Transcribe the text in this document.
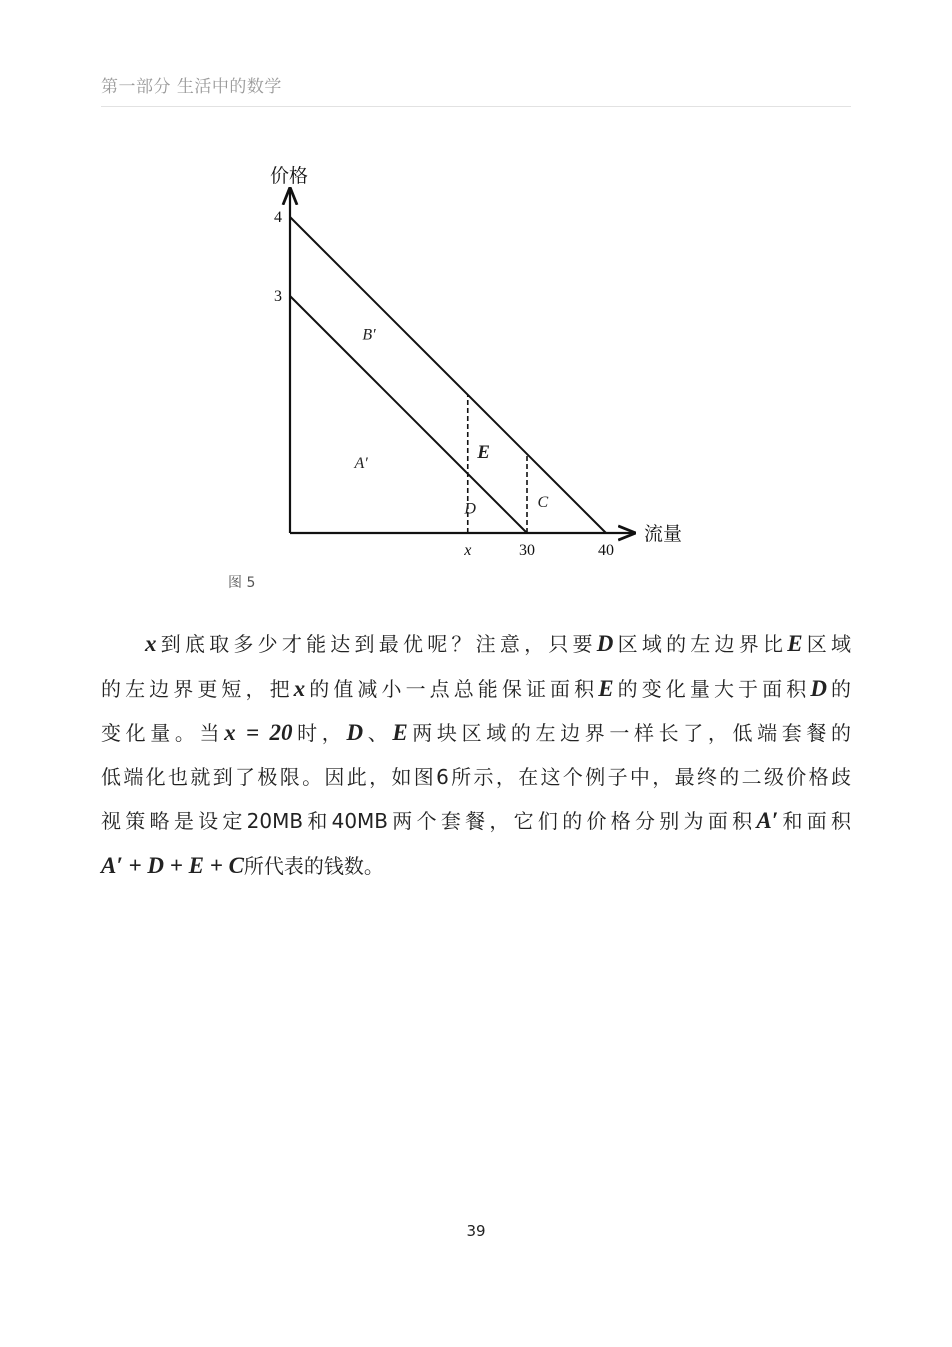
第一部分 生活中的数学
价格
流量
4
3
x	30	40
B′
A′
E
D	C
图 5
x到底取多少才能达到最优呢？注意，只要D区域的左边界比E区域
的左边界更短，把x的值减小一点总能保证面积E的变化量大于面积D的
变化量。当x = 20时，D、E两块区域的左边界一样长了，低端套餐的
低端化也就到了极限。因此，如图6所示，在这个例子中，最终的二级价格歧
视策略是设定20MB和40MB两个套餐，它们的价格分别为面积A′和面积
A′ + D + E + C所代表的钱数。
39
